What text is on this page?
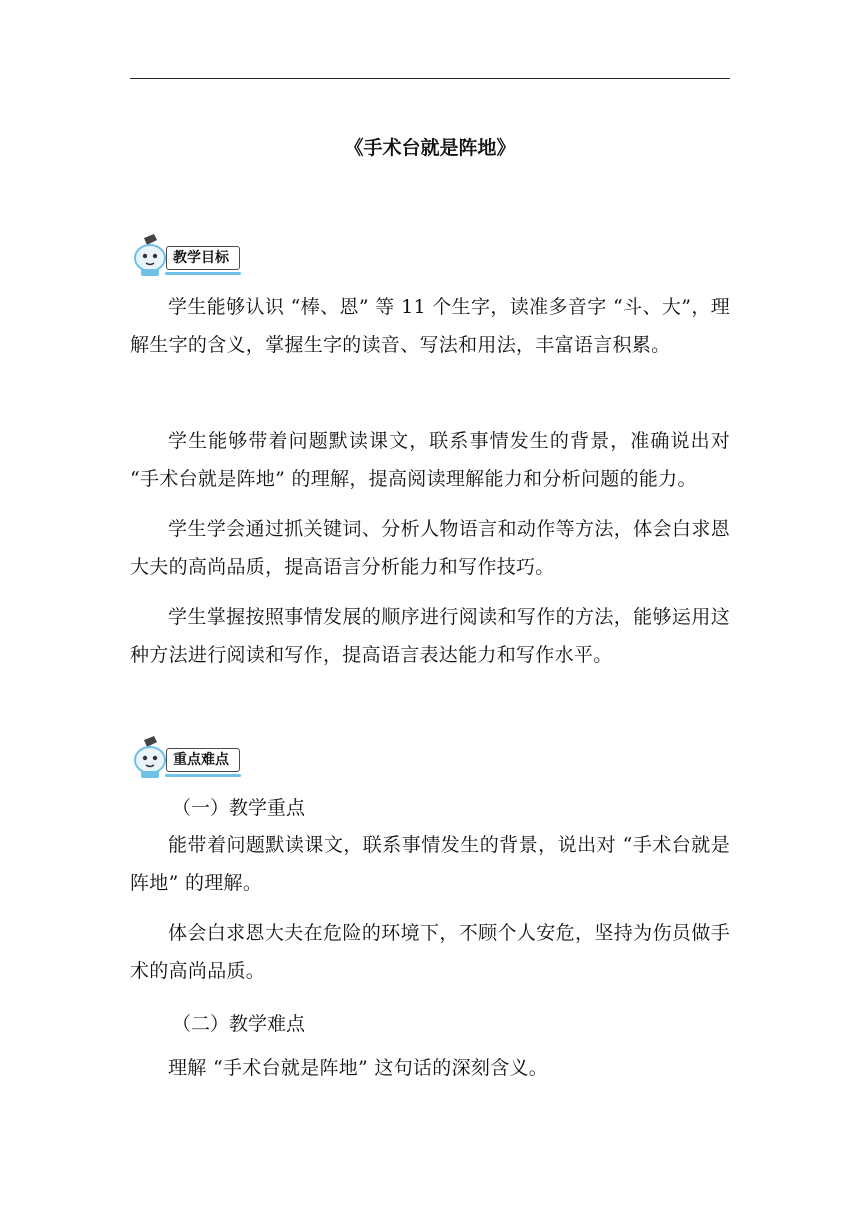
《手术台就是阵地》
教学目标
学生能够认识 “棒、恩” 等 11 个生字，读准多音字 “斗、大”，理解生字的含义，掌握生字的读音、写法和用法，丰富语言积累。
学生能够带着问题默读课文，联系事情发生的背景，准确说出对 “手术台就是阵地” 的理解，提高阅读理解能力和分析问题的能力。
学生学会通过抓关键词、分析人物语言和动作等方法，体会白求恩大夫的高尚品质，提高语言分析能力和写作技巧。
学生掌握按照事情发展的顺序进行阅读和写作的方法，能够运用这种方法进行阅读和写作，提高语言表达能力和写作水平。
重点难点
（一）教学重点
能带着问题默读课文，联系事情发生的背景，说出对 “手术台就是阵地” 的理解。
体会白求恩大夫在危险的环境下，不顾个人安危，坚持为伤员做手术的高尚品质。
（二）教学难点
理解 “手术台就是阵地” 这句话的深刻含义。
